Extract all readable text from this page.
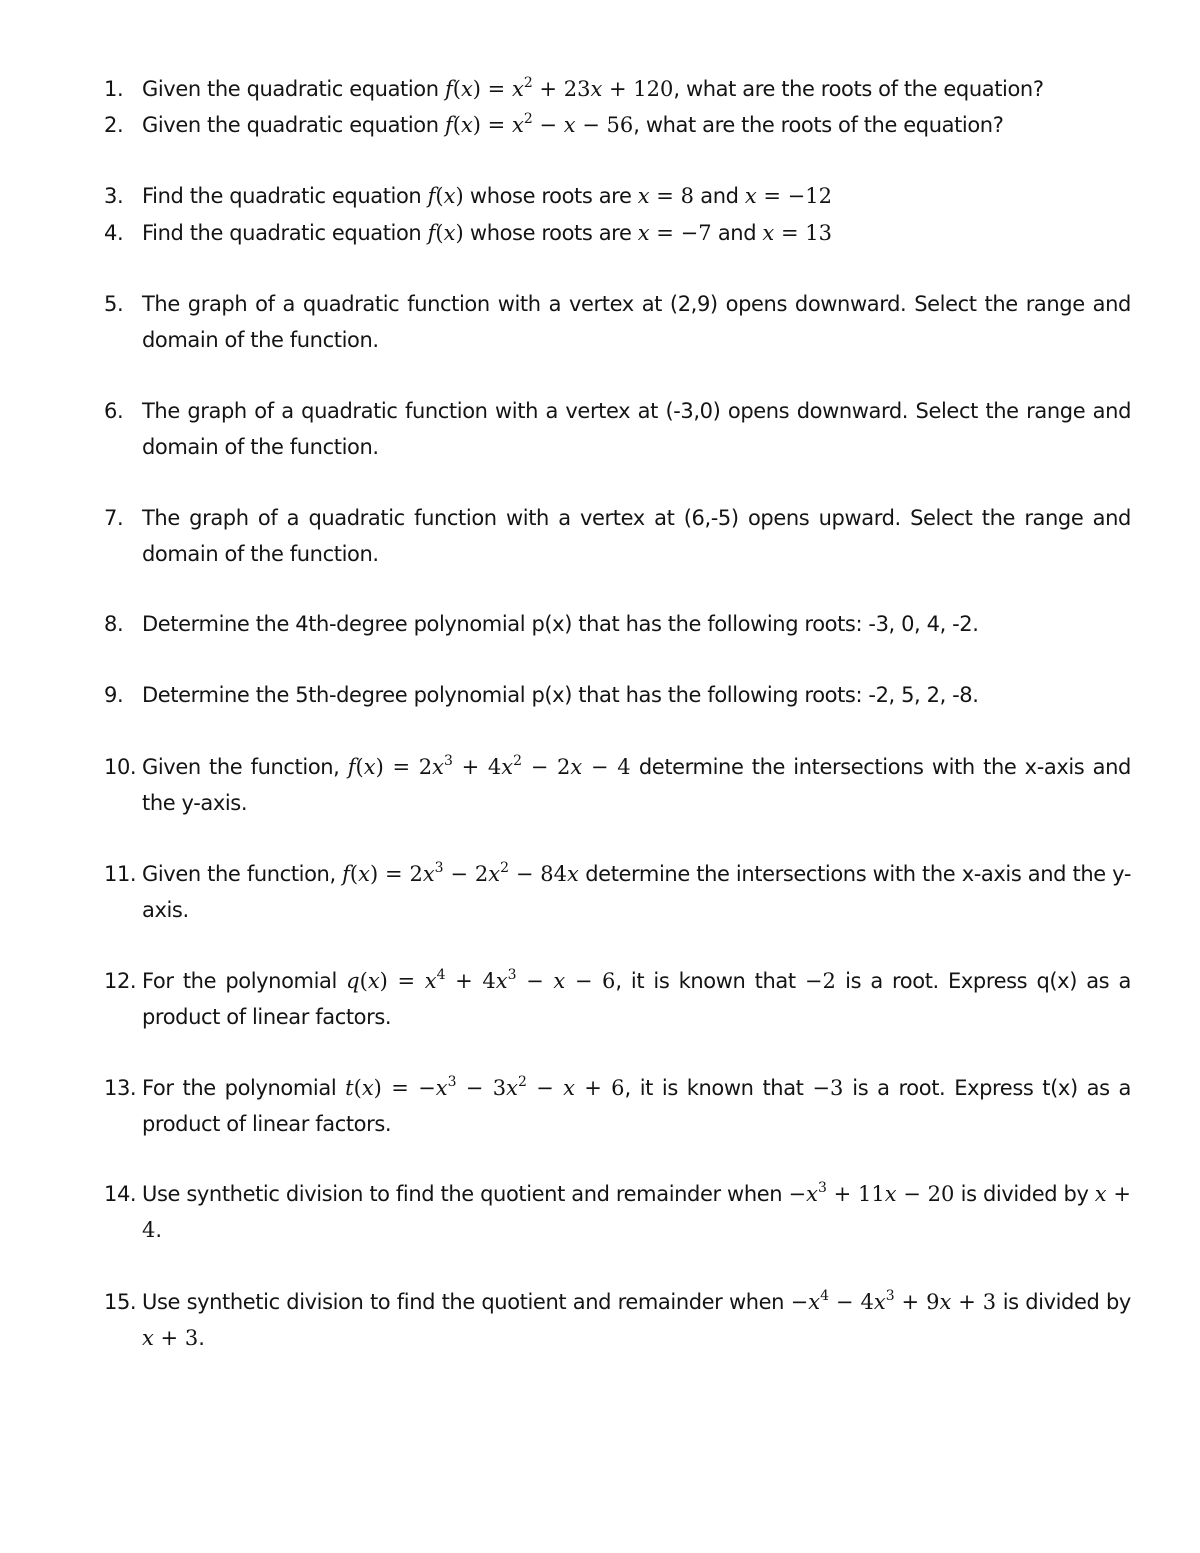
1. Given the quadratic equation $f(x) = x^2 + 23x + 120$, what are the roots of the equation?
2. Given the quadratic equation $f(x) = x^2 - x - 56$, what are the roots of the equation?
3. Find the quadratic equation f(x) whose roots are x = 8 and x = −12
4. Find the quadratic equation f(x) whose roots are x = −7 and x = 13
5. The graph of a quadratic function with a vertex at (2,9) opens downward. Select the range and domain of the function.
6. The graph of a quadratic function with a vertex at (-3,0) opens downward. Select the range and domain of the function.
7. The graph of a quadratic function with a vertex at (6,-5) opens upward. Select the range and domain of the function.
8. Determine the 4th-degree polynomial p(x) that has the following roots: -3, 0, 4, -2.
9. Determine the 5th-degree polynomial p(x) that has the following roots: -2, 5, 2, -8.
10. Given the function, $f(x) = 2x^3 + 4x^2 - 2x - 4$ determine the intersections with the x-axis and the y-axis.
11. Given the function, $f(x) = 2x^3 - 2x^2 - 84x$ determine the intersections with the x-axis and the y-axis.
12. For the polynomial $q(x) = x^4 + 4x^3 - x - 6$, it is known that −2 is a root. Express q(x) as a product of linear factors.
13. For the polynomial $t(x) = -x^3 - 3x^2 - x + 6$, it is known that −3 is a root. Express t(x) as a product of linear factors.
14. Use synthetic division to find the quotient and remainder when $-x^3 + 11x - 20$ is divided by x + 4.
15. Use synthetic division to find the quotient and remainder when $-x^4 - 4x^3 + 9x + 3$ is divided by x + 3.
